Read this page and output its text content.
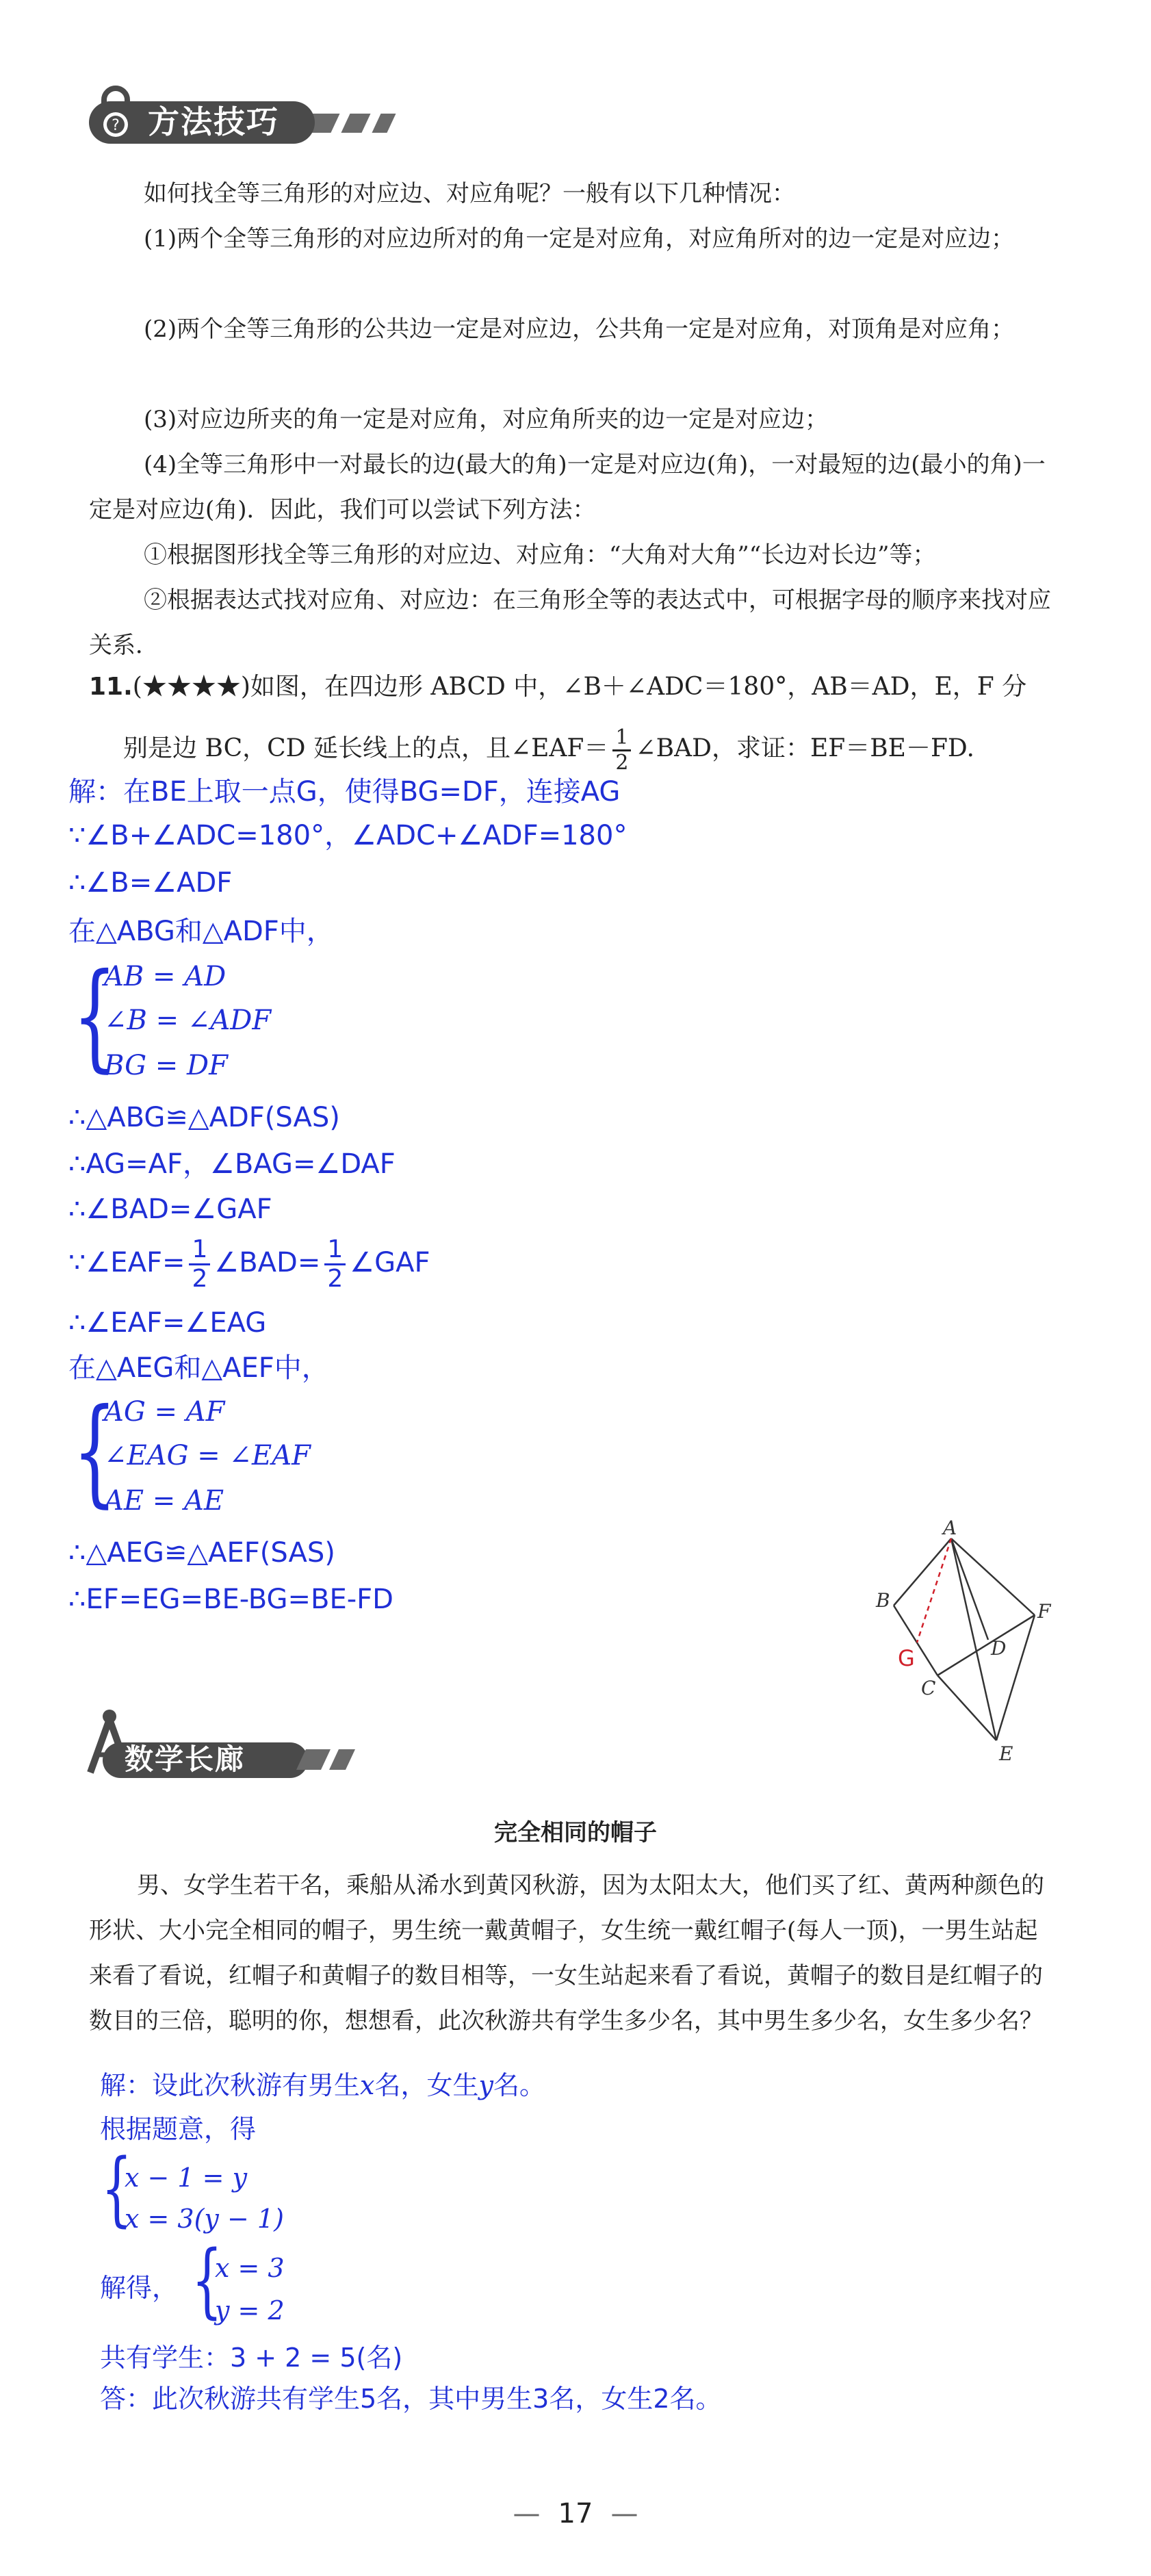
? 方法技巧
如何找全等三角形的对应边、对应角呢？一般有以下几种情况：
(1)两个全等三角形的对应边所对的角一定是对应角，对应角所对的边一定是对应边；
(2)两个全等三角形的公共边一定是对应边，公共角一定是对应角，对顶角是对应角；
(3)对应边所夹的角一定是对应角，对应角所夹的边一定是对应边；
(4)全等三角形中一对最长的边(最大的角)一定是对应边(角)，一对最短的边(最小的角)一定是对应边(角)．因此，我们可以尝试下列方法：
①根据图形找全等三角形的对应边、对应角：“大角对大角”“长边对长边”等；
②根据表达式找对应角、对应边：在三角形全等的表达式中，可根据字母的顺序来找对应关系．
11.(★★★★)如图，在四边形 ABCD 中，∠B＋∠ADC＝180°，AB＝AD，E，F 分
别是边 BC，CD 延长线上的点，且∠EAF＝ $\frac{1}{2}$ ∠BAD，求证：EF＝BE－FD.
解：在BE上取一点G，使得BG=DF，连接AG
∵∠B+∠ADC=180°，∠ADC+∠ADF=180°
∴∠B=∠ADF
在△ABG和△ADF中，
{
AB = AD
∠B = ∠ADF
BG = DF
∴△ABG≌△ADF(SAS)
∴AG=AF，∠BAG=∠DAF
∴∠BAD=∠GAF
∵∠EAF= $\frac{1}{2}$ ∠BAD= $\frac{1}{2}$ ∠GAF
∴∠EAF=∠EAG
在△AEG和△AEF中，
{
AG = AF
∠EAG = ∠EAF
AE = AE
∴△AEG≌△AEF(SAS)
∴EF=EG=BE-BG=BE-FD
A
B
C
D
F
E
G
数学长廊
完全相同的帽子
男、女学生若干名，乘船从浠水到黄冈秋游，因为太阳太大，他们买了红、黄两种颜色的形状、大小完全相同的帽子，男生统一戴黄帽子，女生统一戴红帽子(每人一顶)，一男生站起来看了看说，红帽子和黄帽子的数目相等，一女生站起来看了看说，黄帽子的数目是红帽子的数目的三倍，聪明的你，想想看，此次秋游共有学生多少名，其中男生多少名，女生多少名？
解：设此次秋游有男生x名，女生y名。
根据题意，得
{
x − 1 = y
x = 3(y − 1)
解得， {
x = 3
y = 2
共有学生：3 + 2 = 5(名)
答：此次秋游共有学生5名，其中男生3名，女生2名。
— 17 —
